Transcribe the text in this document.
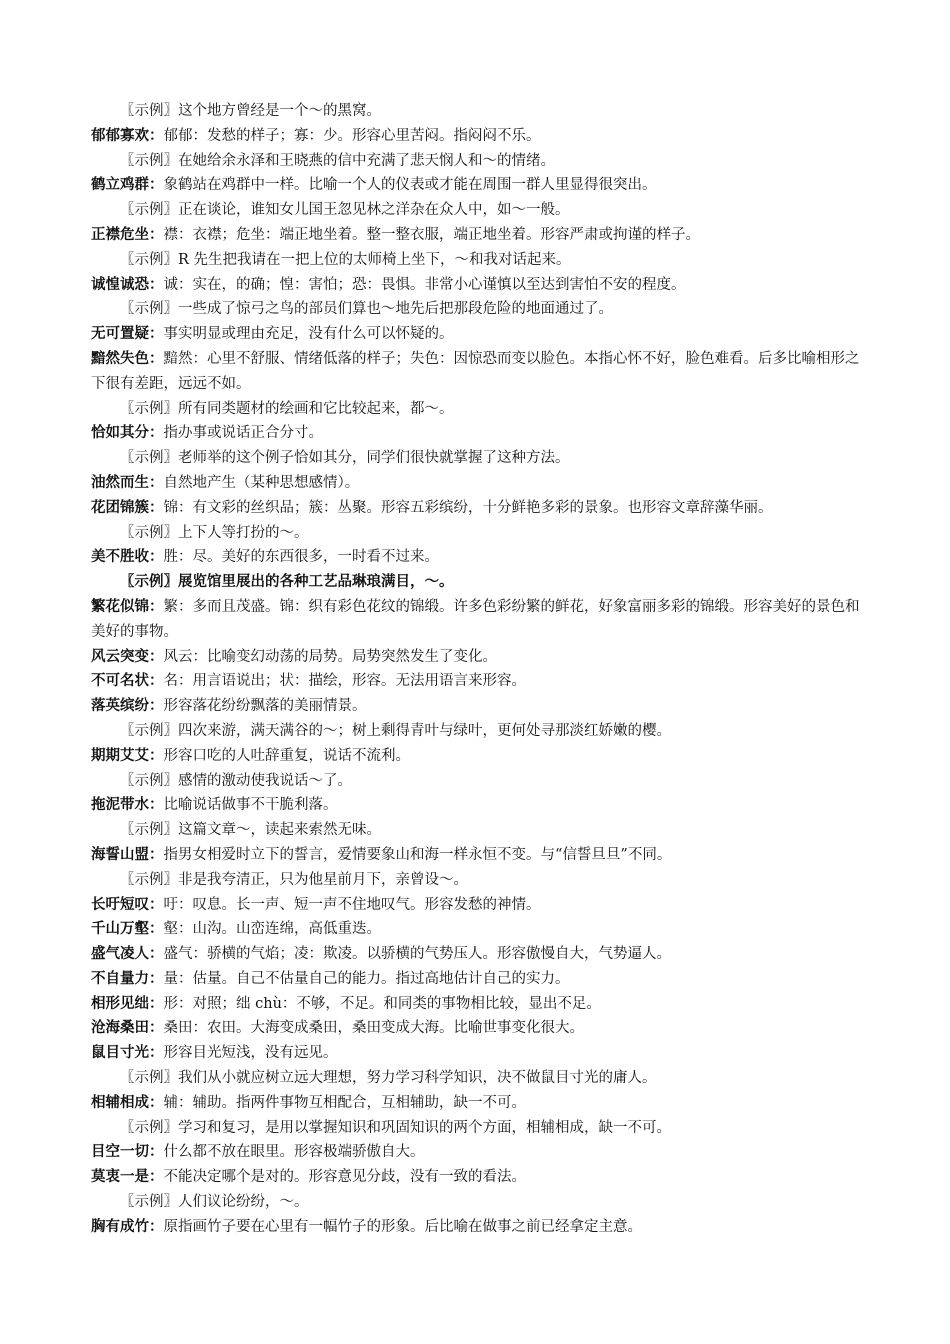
〖示例〗这个地方曾经是一个～的黑窝。

郁郁寡欢：郁郁：发愁的样子；寡：少。形容心里苦闷。指闷闷不乐。

〖示例〗在她给余永泽和王晓燕的信中充满了悲天悯人和～的情绪。

鹤立鸡群：象鹤站在鸡群中一样。比喻一个人的仪表或才能在周围一群人里显得很突出。

〖示例〗正在谈论，谁知女儿国王忽见林之洋杂在众人中，如～一般。

正襟危坐：襟：衣襟；危坐：端正地坐着。整一整衣服，端正地坐着。形容严肃或拘谨的样子。

〖示例〗R 先生把我请在一把上位的太师椅上坐下，～和我对话起来。

诚惶诚恐：诚：实在，的确；惶：害怕；恐：畏惧。非常小心谨慎以至达到害怕不安的程度。

〖示例〗一些成了惊弓之鸟的部员们算也～地先后把那段危险的地面通过了。

无可置疑：事实明显或理由充足，没有什么可以怀疑的。

黯然失色：黯然：心里不舒服、情绪低落的样子；失色：因惊恐而变以脸色。本指心怀不好，脸色难看。后多比喻相形之下很有差距，远远不如。

〖示例〗所有同类题材的绘画和它比较起来，都～。

恰如其分：指办事或说话正合分寸。

〖示例〗老师举的这个例子恰如其分，同学们很快就掌握了这种方法。

油然而生：自然地产生（某种思想感情）。

花团锦簇：锦：有文彩的丝织品；簇：丛聚。形容五彩缤纷，十分鲜艳多彩的景象。也形容文章辞藻华丽。

〖示例〗上下人等打扮的～。

美不胜收：胜：尽。美好的东西很多，一时看不过来。

〖示例〗展览馆里展出的各种工艺品琳琅满目，～。

繁花似锦：繁：多而且茂盛。锦：织有彩色花纹的锦缎。许多色彩纷繁的鲜花，好象富丽多彩的锦缎。形容美好的景色和美好的事物。

风云突变：风云：比喻变幻动荡的局势。局势突然发生了变化。

不可名状：名：用言语说出；状：描绘，形容。无法用语言来形容。

落英缤纷：形容落花纷纷飘落的美丽情景。

〖示例〗四次来游，满天满谷的～；树上剩得青叶与绿叶，更何处寻那淡红娇嫩的樱。

期期艾艾：形容口吃的人吐辞重复，说话不流利。

〖示例〗感情的激动使我说话～了。

拖泥带水：比喻说话做事不干脆利落。

〖示例〗这篇文章～，读起来索然无味。

海誓山盟：指男女相爱时立下的誓言，爱情要象山和海一样永恒不变。与“信誓旦旦”不同。

〖示例〗非是我夸清正，只为他星前月下，亲曾设～。

长吁短叹：吁：叹息。长一声、短一声不住地叹气。形容发愁的神情。

千山万壑：壑：山沟。山峦连绵，高低重迭。

盛气凌人：盛气：骄横的气焰；凌：欺凌。以骄横的气势压人。形容傲慢自大，气势逼人。

不自量力：量：估量。自己不估量自己的能力。指过高地估计自己的实力。

相形见绌：形：对照；绌 chù：不够，不足。和同类的事物相比较，显出不足。

沧海桑田：桑田：农田。大海变成桑田，桑田变成大海。比喻世事变化很大。

鼠目寸光：形容目光短浅，没有远见。

〖示例〗我们从小就应树立远大理想，努力学习科学知识，决不做鼠目寸光的庸人。

相辅相成：辅：辅助。指两件事物互相配合，互相辅助，缺一不可。

〖示例〗学习和复习，是用以掌握知识和巩固知识的两个方面，相辅相成，缺一不可。

目空一切：什么都不放在眼里。形容极端骄傲自大。

莫衷一是：不能决定哪个是对的。形容意见分歧，没有一致的看法。

〖示例〗人们议论纷纷，～。

胸有成竹：原指画竹子要在心里有一幅竹子的形象。后比喻在做事之前已经拿定主意。
